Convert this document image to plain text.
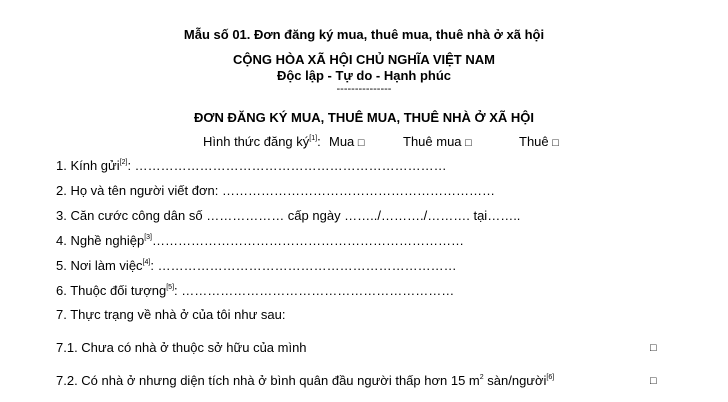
Mẫu số 01. Đơn đăng ký mua, thuê mua, thuê nhà ở xã hội
CỘNG HÒA XÃ HỘI CHỦ NGHĨA VIỆT NAM
Độc lập - Tự do - Hạnh phúc
---------------
ĐƠN ĐĂNG KÝ MUA, THUÊ MUA, THUÊ NHÀ Ở XÃ HỘI
Hình thức đăng ký[1]: Mua □	Thuê mua □	Thuê □
1. Kính gửi[2]: ………………………………………………………………
2. Họ và tên người viết đơn: ………………………………………………………
3. Căn cước công dân số ……………… cấp ngày ……../………./………. tại……..
4. Nghề nghiệp[3]………………………………………………………………
5. Nơi làm việc[4]: ……………………………………………………………
6. Thuộc đối tượng[5]: ………………………………………………………
7. Thực trạng về nhà ở của tôi như sau:
7.1. Chưa có nhà ở thuộc sở hữu của mình	□
7.2. Có nhà ở nhưng diện tích nhà ở bình quân đầu người thấp hơn 15 $m^2$ sàn/người[6]	□
